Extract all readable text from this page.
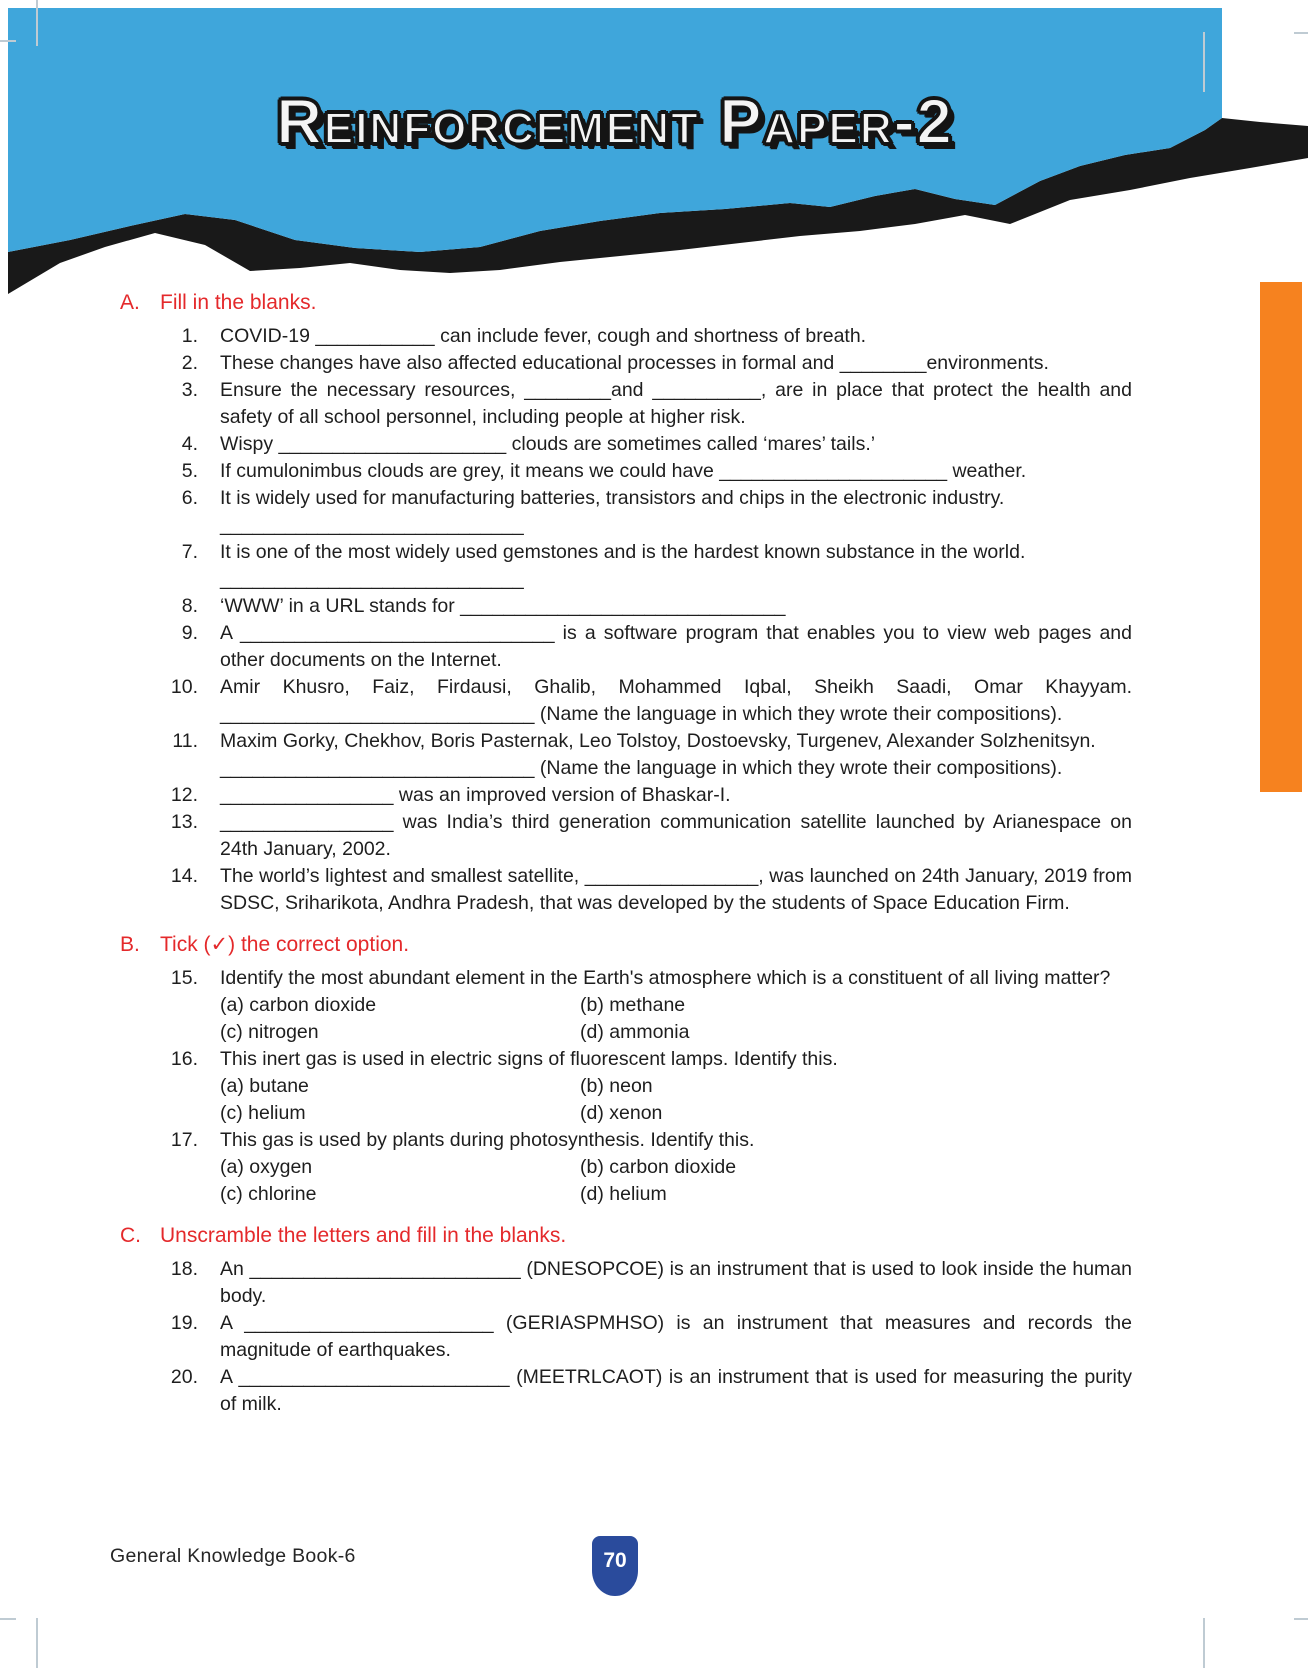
Reinforcement Paper-2
A. Fill in the blanks.
1.	COVID-19 ___________ can include fever, cough and shortness of breath.
2.	These changes have also affected educational processes in formal and ________environments.
3.	Ensure the necessary resources, ________and __________, are in place that protect the health and safety of all school personnel, including people at higher risk.
4.	Wispy _____________________ clouds are sometimes called ‘mares’ tails.’
5.	If cumulonimbus clouds are grey, it means we could have _____________________ weather.
6.	It is widely used for manufacturing batteries, transistors and chips in the electronic industry.
____________________________
7.	It is one of the most widely used gemstones and is the hardest known substance in the world.
____________________________
8.	‘WWW’ in a URL stands for ______________________________
9.	A _____________________________ is a software program that enables you to view web pages and other documents on the Internet.
10.	Amir Khusro, Faiz, Firdausi, Ghalib, Mohammed Iqbal, Sheikh Saadi, Omar Khayyam. _____________________________ (Name the language in which they wrote their compositions).
11.	Maxim Gorky, Chekhov, Boris Pasternak, Leo Tolstoy, Dostoevsky, Turgenev, Alexander Solzhenitsyn.
_____________________________ (Name the language in which they wrote their compositions).
12.	________________ was an improved version of Bhaskar-I.
13.	________________ was India’s third generation communication satellite launched by Arianespace on 24th January, 2002.
14.	The world’s lightest and smallest satellite, ________________, was launched on 24th January, 2019 from SDSC, Sriharikota, Andhra Pradesh, that was developed by the students of Space Education Firm.
B. Tick (✓) the correct option.
15.	Identify the most abundant element in the Earth's atmosphere which is a constituent of all living matter?
(a) carbon dioxide	(b) methane
(c) nitrogen	(d) ammonia
16.	This inert gas is used in electric signs of fluorescent lamps. Identify this.
(a) butane	(b) neon
(c) helium	(d) xenon
17.	This gas is used by plants during photosynthesis. Identify this.
(a) oxygen	(b) carbon dioxide
(c) chlorine	(d) helium
C. Unscramble the letters and fill in the blanks.
18.	An _________________________ (DNESOPCOE) is an instrument that is used to look inside the human body.
19.	A _______________________ (GERIASPMHSO) is an instrument that measures and records the magnitude of earthquakes.
20.	A _________________________ (MEETRLCAOT) is an instrument that is used for measuring the purity of milk.
General Knowledge Book-6	70
